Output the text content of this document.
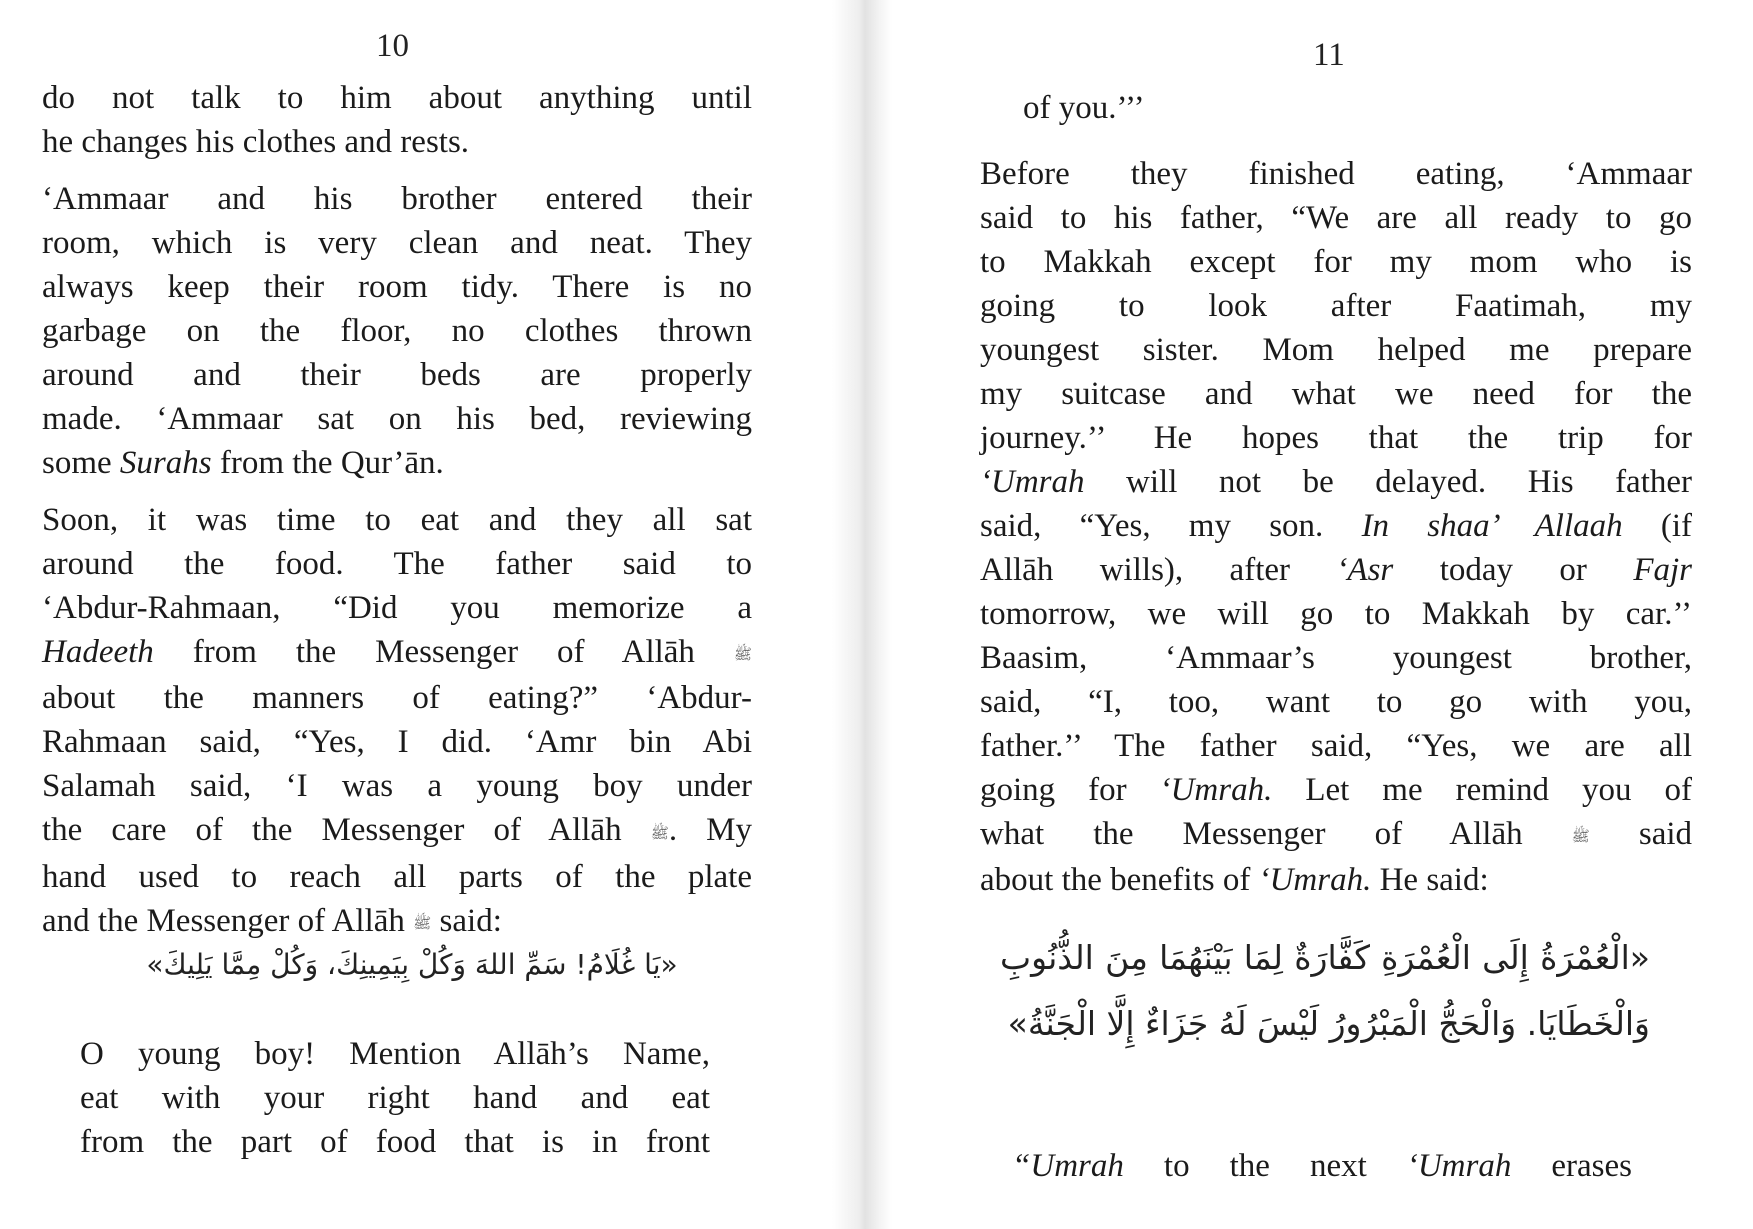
10
do not talk to him about anything until
he changes his clothes and rests.
‘Ammaar and his brother entered their
room, which is very clean and neat. They
always keep their room tidy. There is no
garbage on the floor, no clothes thrown
around and their beds are properly
made. ‘Ammaar sat on his bed, reviewing
some Surahs from the Qur’ān.
Soon, it was time to eat and they all sat
around the food. The father said to
‘Abdur-Rahmaan, “Did you memorize a
Hadeeth from the Messenger of Allāh	ﷺ
about the manners of eating?” ‘Abdur-
Rahmaan said, “Yes, I did. ‘Amr bin Abi
Salamah said, ‘I was a young boy under
the care of the Messenger of Allāh ﷺ. My
hand used to reach all parts of the plate
and the Messenger of Allāh ﷺ said:
«يَا غُلَامُ! سَمِّ اللهَ وَكُلْ بِيَمِينِكَ، وَكُلْ مِمَّا يَلِيكَ»
O young boy! Mention Allāh’s Name,
eat with your right hand and eat
from the part of food that is in front
11
of you.’’’
Before they finished eating, ‘Ammaar
said to his father, “We are all ready to go
to Makkah except for my mom who is
going to look after Faatimah, my
youngest sister. Mom helped me prepare
my suitcase and what we need for the
journey.’’ He hopes that the trip for
‘Umrah will not be delayed. His father
said, “Yes, my son. In shaa’ Allaah (if
Allāh wills), after ‘Asr today or Fajr
tomorrow, we will go to Makkah by car.’’
Baasim, ‘Ammaar’s youngest brother,
said, “I, too, want to go with you,
father.’’ The father said, “Yes, we are all
going for ‘Umrah. Let me remind you of
what the Messenger of Allāh	ﷺ said
about the benefits of ‘Umrah. He said:
«الْعُمْرَةُ إِلَى الْعُمْرَةِ كَفَّارَةٌ لِمَا بَيْنَهُمَا مِنَ الذُّنُوبِ وَالْخَطَايَا. وَالْحَجُّ الْمَبْرُورُ لَيْسَ لَهُ جَزَاءٌ إِلَّا الْجَنَّةُ»
“Umrah to the next ‘Umrah erases
